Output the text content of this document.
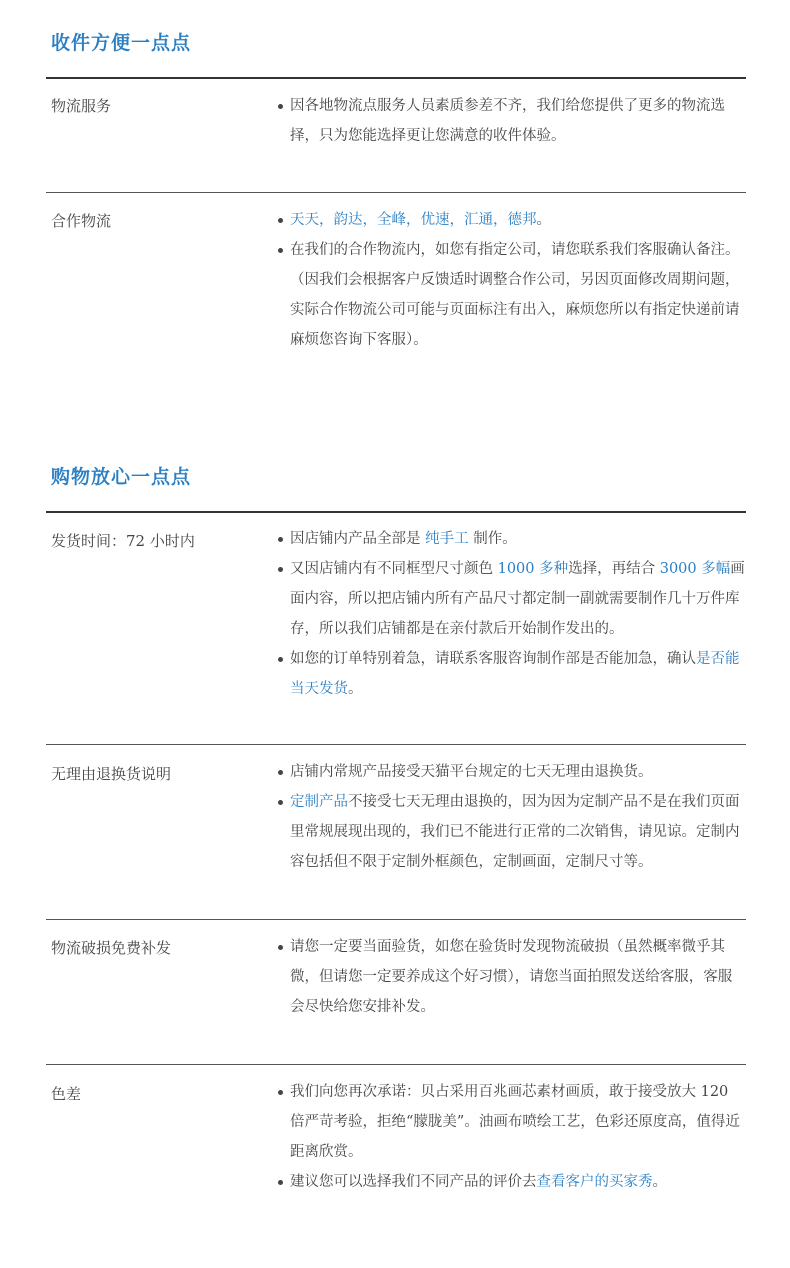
收件方便一点点
物流服务	因各地物流点服务人员素质参差不齐，我们给您提供了更多的物流选择，只为您能选择更让您满意的收件体验。
合作物流	天天，韵达，全峰，优速，汇通，德邦。
在我们的合作物流内，如您有指定公司，请您联系我们客服确认备注。（因我们会根据客户反馈适时调整合作公司，另因页面修改周期问题，实际合作物流公司可能与页面标注有出入，麻烦您所以有指定快递前请麻烦您咨询下客服）。
购物放心一点点
发货时间：72 小时内	因店铺内产品全部是 纯手工 制作。
又因店铺内有不同框型尺寸颜色 1000 多种选择，再结合 3000 多幅画面内容，所以把店铺内所有产品尺寸都定制一副就需要制作几十万件库存，所以我们店铺都是在亲付款后开始制作发出的。
如您的订单特别着急，请联系客服咨询制作部是否能加急，确认是否能当天发货。
无理由退换货说明	店铺内常规产品接受天猫平台规定的七天无理由退换货。
定制产品不接受七天无理由退换的，因为因为定制产品不是在我们页面里常规展现出现的，我们已不能进行正常的二次销售，请见谅。定制内容包括但不限于定制外框颜色，定制画面，定制尺寸等。
物流破损免费补发	请您一定要当面验货，如您在验货时发现物流破损（虽然概率微乎其微，但请您一定要养成这个好习惯），请您当面拍照发送给客服，客服会尽快给您安排补发。
色差	我们向您再次承诺：贝占采用百兆画芯素材画质，敢于接受放大 120 倍严苛考验，拒绝“朦胧美”。油画布喷绘工艺，色彩还原度高，值得近距离欣赏。
建议您可以选择我们不同产品的评价去查看客户的买家秀。
